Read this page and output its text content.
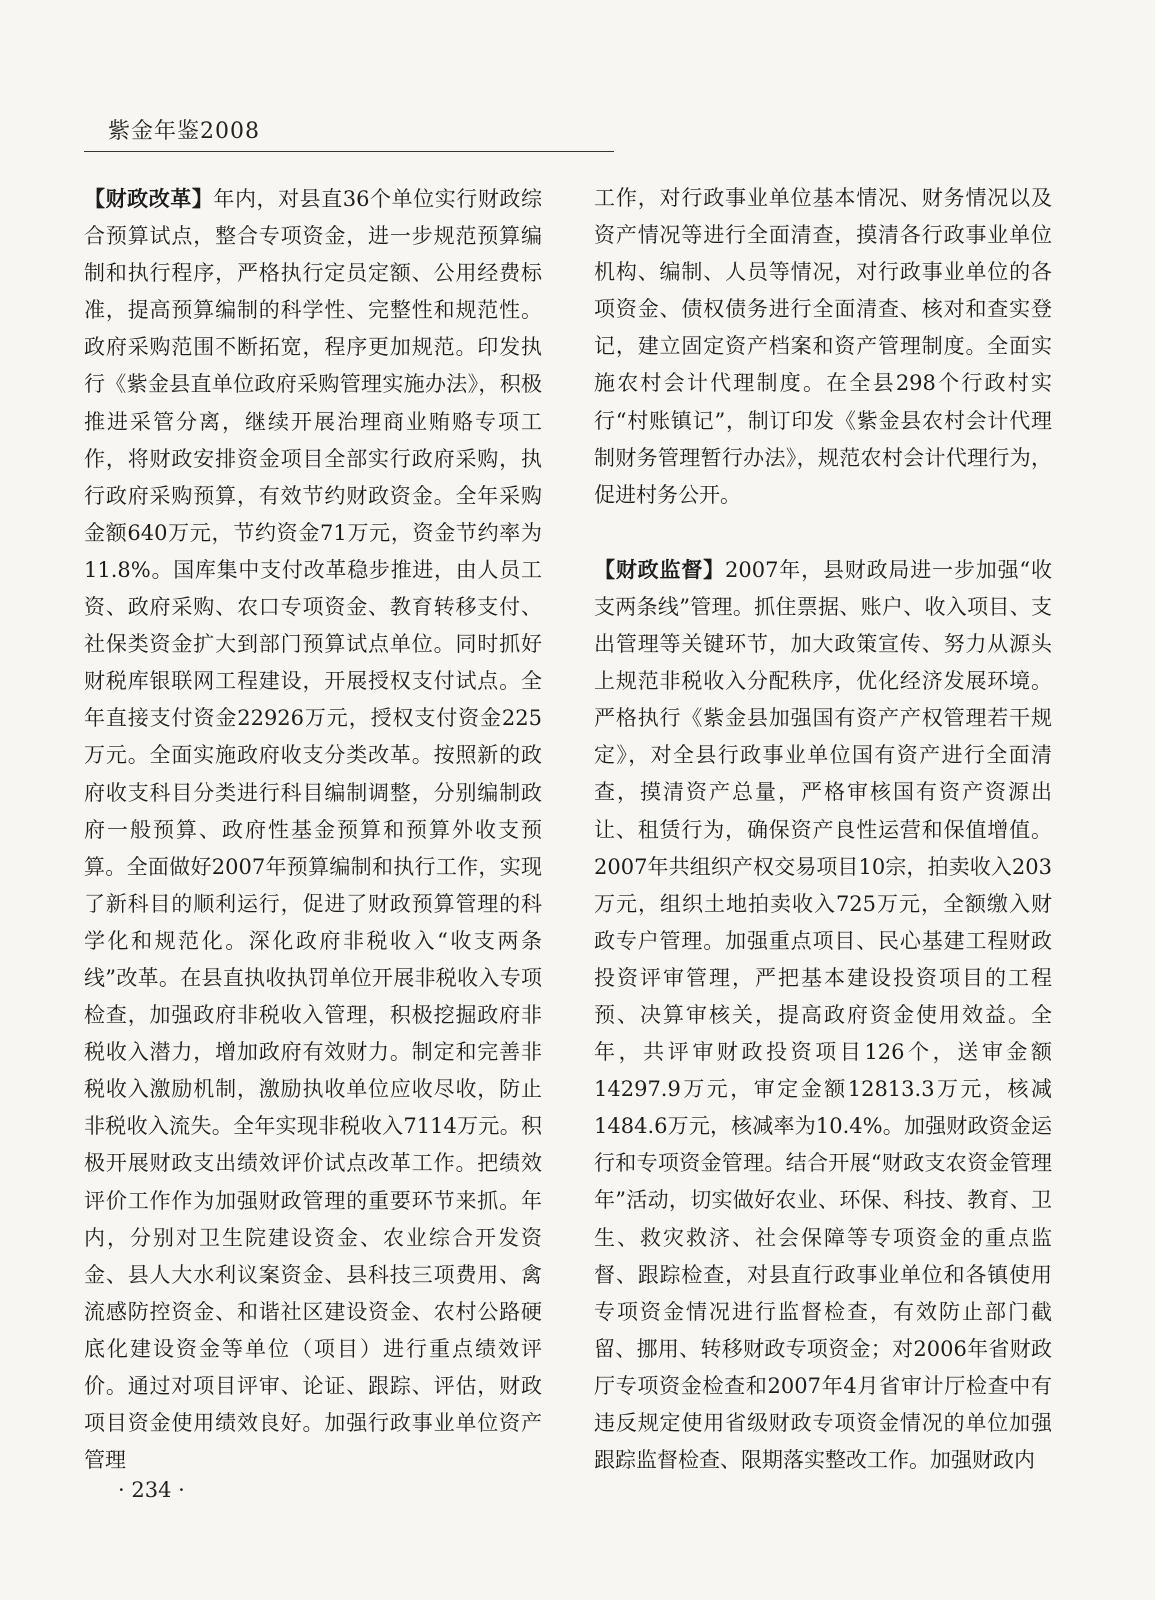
紫金年鉴2008

【财政改革】年内，对县直36个单位实行财政综合预算试点，整合专项资金，进一步规范预算编制和执行程序，严格执行定员定额、公用经费标准，提高预算编制的科学性、完整性和规范性。政府采购范围不断拓宽，程序更加规范。印发执行《紫金县直单位政府采购管理实施办法》，积极推进采管分离，继续开展治理商业贿赂专项工作，将财政安排资金项目全部实行政府采购，执行政府采购预算，有效节约财政资金。全年采购金额640万元，节约资金71万元，资金节约率为11.8%。国库集中支付改革稳步推进，由人员工资、政府采购、农口专项资金、教育转移支付、社保类资金扩大到部门预算试点单位。同时抓好财税库银联网工程建设，开展授权支付试点。全年直接支付资金22926万元，授权支付资金225万元。全面实施政府收支分类改革。按照新的政府收支科目分类进行科目编制调整，分别编制政府一般预算、政府性基金预算和预算外收支预算。全面做好2007年预算编制和执行工作，实现了新科目的顺利运行，促进了财政预算管理的科学化和规范化。深化政府非税收入“收支两条线”改革。在县直执收执罚单位开展非税收入专项检查，加强政府非税收入管理，积极挖掘政府非税收入潜力，增加政府有效财力。制定和完善非税收入激励机制，激励执收单位应收尽收，防止非税收入流失。全年实现非税收入7114万元。积极开展财政支出绩效评价试点改革工作。把绩效评价工作作为加强财政管理的重要环节来抓。年内，分别对卫生院建设资金、农业综合开发资金、县人大水利议案资金、县科技三项费用、禽流感防控资金、和谐社区建设资金、农村公路硬底化建设资金等单位（项目）进行重点绩效评价。通过对项目评审、论证、跟踪、评估，财政项目资金使用绩效良好。加强行政事业单位资产管理

工作，对行政事业单位基本情况、财务情况以及资产情况等进行全面清查，摸清各行政事业单位机构、编制、人员等情况，对行政事业单位的各项资金、债权债务进行全面清查、核对和查实登记，建立固定资产档案和资产管理制度。全面实施农村会计代理制度。在全县298个行政村实行“村账镇记”，制订印发《紫金县农村会计代理制财务管理暂行办法》，规范农村会计代理行为，促进村务公开。

【财政监督】2007年，县财政局进一步加强“收支两条线”管理。抓住票据、账户、收入项目、支出管理等关键环节，加大政策宣传、努力从源头上规范非税收入分配秩序，优化经济发展环境。严格执行《紫金县加强国有资产产权管理若干规定》，对全县行政事业单位国有资产进行全面清查，摸清资产总量，严格审核国有资产资源出让、租赁行为，确保资产良性运营和保值增值。2007年共组织产权交易项目10宗，拍卖收入203万元，组织土地拍卖收入725万元，全额缴入财政专户管理。加强重点项目、民心基建工程财政投资评审管理，严把基本建设投资项目的工程预、决算审核关，提高政府资金使用效益。全年，共评审财政投资项目126个，送审金额14297.9万元，审定金额12813.3万元，核减1484.6万元，核减率为10.4%。加强财政资金运行和专项资金管理。结合开展“财政支农资金管理年”活动，切实做好农业、环保、科技、教育、卫生、救灾救济、社会保障等专项资金的重点监督、跟踪检查，对县直行政事业单位和各镇使用专项资金情况进行监督检查，有效防止部门截留、挪用、转移财政专项资金；对2006年省财政厅专项资金检查和2007年4月省审计厅检查中有违反规定使用省级财政专项资金情况的单位加强跟踪监督检查、限期落实整改工作。加强财政内

· 234 ·
